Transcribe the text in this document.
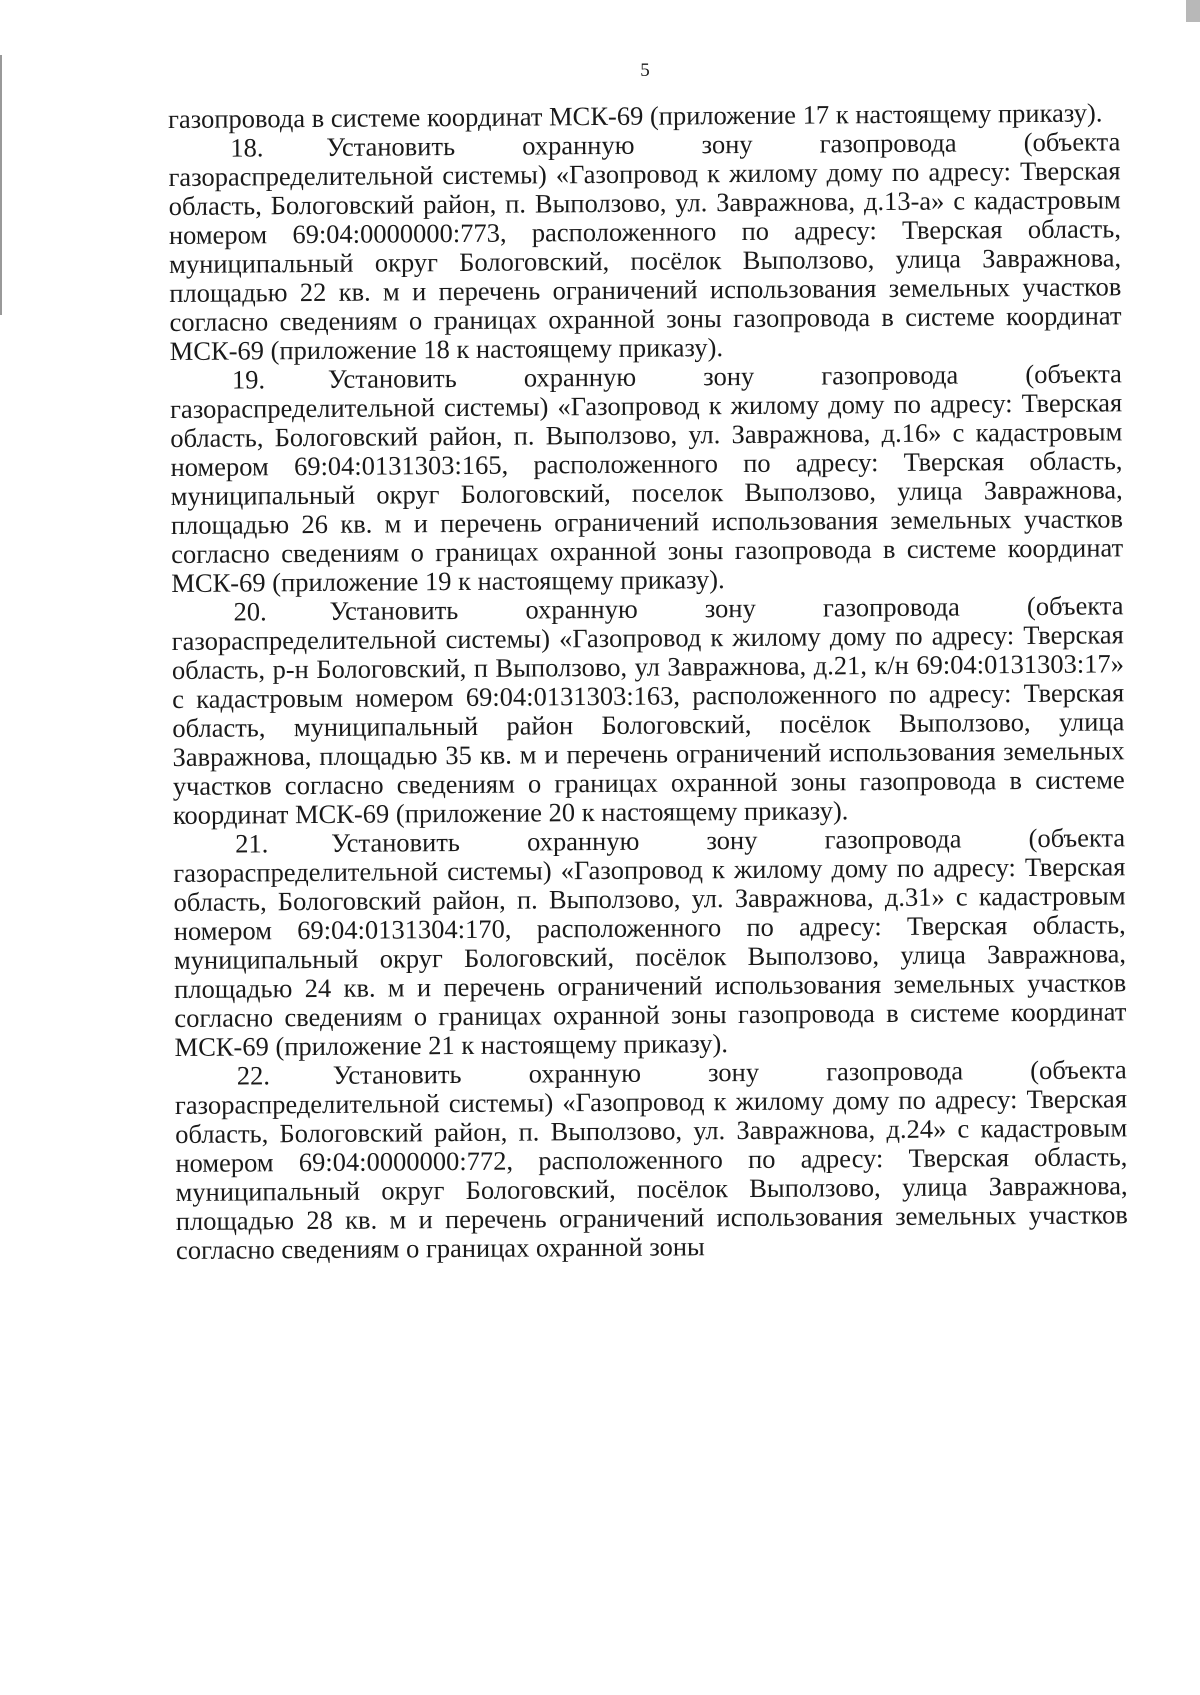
5

газопровода в системе координат МСК-69 (приложение 17 к настоящему приказу).

18. Установить охранную зону газопровода (объекта газораспределительной системы) «Газопровод к жилому дому по адресу: Тверская область, Бологовский район, п. Выползово, ул. Завражнова, д.13-а» с кадастровым номером 69:04:0000000:773, расположенного по адресу: Тверская область, муниципальный округ Бологовский, посёлок Выползово, улица Завражнова, площадью 22 кв. м и перечень ограничений использования земельных участков согласно сведениям о границах охранной зоны газопровода в системе координат МСК-69 (приложение 18 к настоящему приказу).

19. Установить охранную зону газопровода (объекта газораспределительной системы) «Газопровод к жилому дому по адресу: Тверская область, Бологовский район, п. Выползово, ул. Завражнова, д.16» с кадастровым номером 69:04:0131303:165, расположенного по адресу: Тверская область, муниципальный округ Бологовский, поселок Выползово, улица Завражнова, площадью 26 кв. м и перечень ограничений использования земельных участков согласно сведениям о границах охранной зоны газопровода в системе координат МСК-69 (приложение 19 к настоящему приказу).

20. Установить охранную зону газопровода (объекта газораспределительной системы) «Газопровод к жилому дому по адресу: Тверская область, р-н Бологовский, п Выползово, ул Завражнова, д.21, к/н 69:04:0131303:17» с кадастровым номером 69:04:0131303:163, расположенного по адресу: Тверская область, муниципальный район Бологовский, посёлок Выползово, улица Завражнова, площадью 35 кв. м и перечень ограничений использования земельных участков согласно сведениям о границах охранной зоны газопровода в системе координат МСК-69 (приложение 20 к настоящему приказу).

21. Установить охранную зону газопровода (объекта газораспределительной системы) «Газопровод к жилому дому по адресу: Тверская область, Бологовский район, п. Выползово, ул. Завражнова, д.31» с кадастровым номером 69:04:0131304:170, расположенного по адресу: Тверская область, муниципальный округ Бологовский, посёлок Выползово, улица Завражнова, площадью 24 кв. м и перечень ограничений использования земельных участков согласно сведениям о границах охранной зоны газопровода в системе координат МСК-69 (приложение 21 к настоящему приказу).

22. Установить охранную зону газопровода (объекта газораспределительной системы) «Газопровод к жилому дому по адресу: Тверская область, Бологовский район, п. Выползово, ул. Завражнова, д.24» с кадастровым номером 69:04:0000000:772, расположенного по адресу: Тверская область, муниципальный округ Бологовский, посёлок Выползово, улица Завражнова, площадью 28 кв. м и перечень ограничений использования земельных участков согласно сведениям о границах охранной зоны
